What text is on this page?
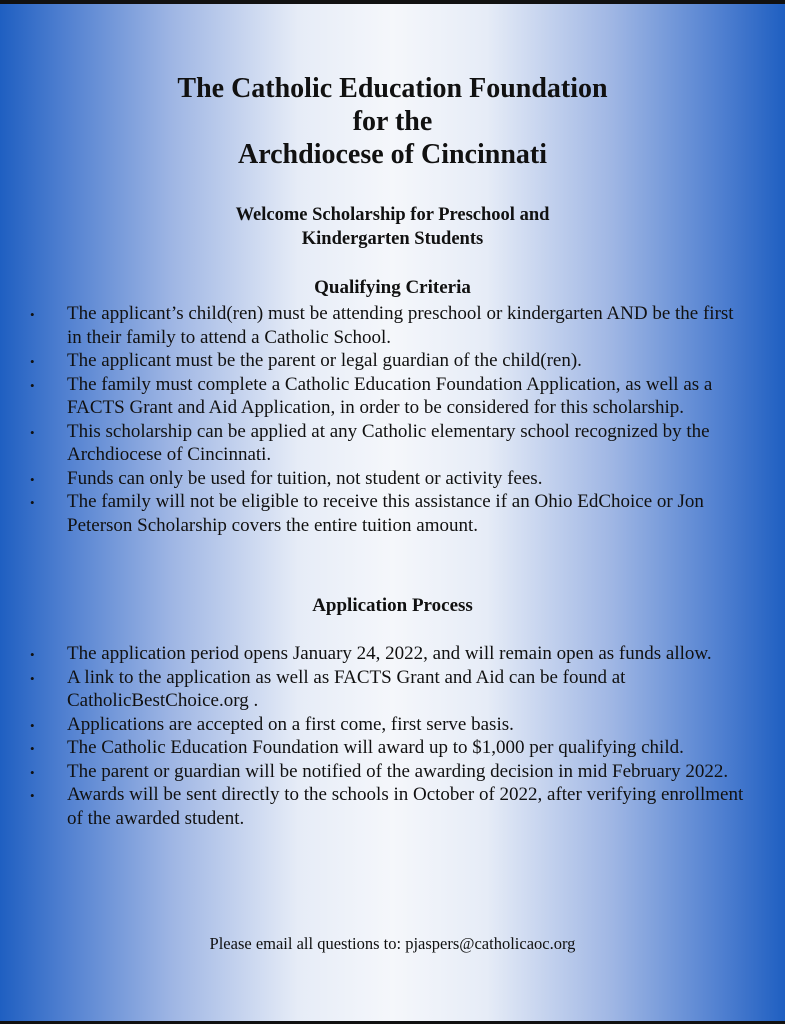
The Catholic Education Foundation
for the
Archdiocese of Cincinnati
Welcome Scholarship for Preschool and
Kindergarten Students
Qualifying Criteria
• The applicant’s child(ren) must be attending preschool or kindergarten AND be the first in their family to attend a Catholic School.
• The applicant must be the parent or legal guardian of the child(ren).
• The family must complete a Catholic Education Foundation Application, as well as a FACTS Grant and Aid Application, in order to be considered for this scholarship.
• This scholarship can be applied at any Catholic elementary school recognized by the Archdiocese of Cincinnati.
• Funds can only be used for tuition, not student or activity fees.
• The family will not be eligible to receive this assistance if an Ohio EdChoice or Jon Peterson Scholarship covers the entire tuition amount.
Application Process
• The application period opens January 24, 2022, and will remain open as funds allow.
• A link to the application as well as FACTS Grant and Aid can be found at CatholicBestChoice.org .
• Applications are accepted on a first come, first serve basis.
• The Catholic Education Foundation will award up to $1,000 per qualifying child.
• The parent or guardian will be notified of the awarding decision in mid February 2022.
• Awards will be sent directly to the schools in October of 2022, after verifying enrollment of the awarded student.
Please email all questions to: pjaspers@catholicaoc.org
